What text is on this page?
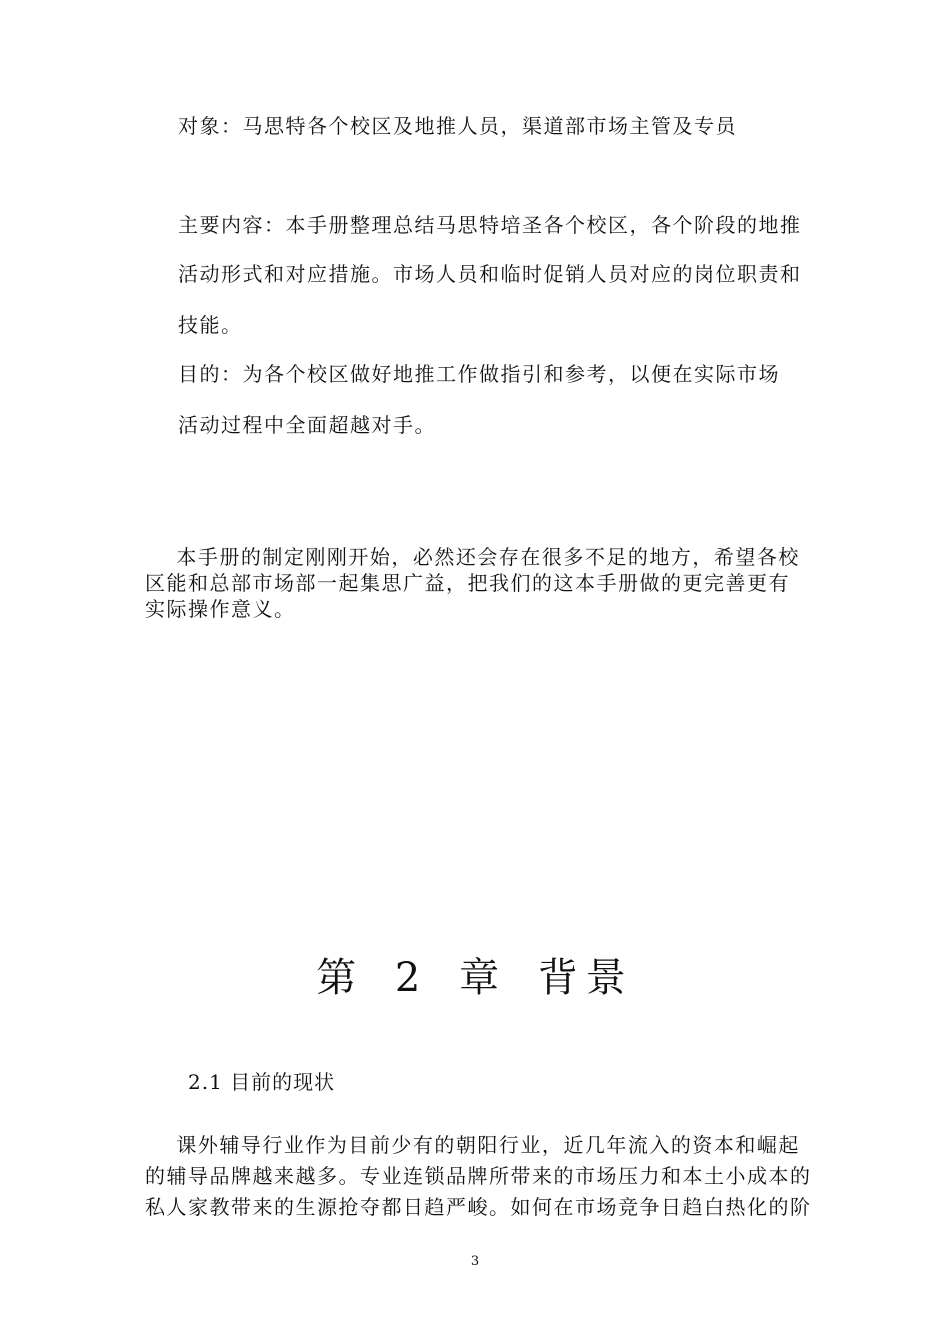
对象：马思特各个校区及地推人员，渠道部市场主管及专员
主要内容：本手册整理总结马思特培圣各个校区，各个阶段的地推
活动形式和对应措施。市场人员和临时促销人员对应的岗位职责和
技能。
目的：为各个校区做好地推工作做指引和参考，以便在实际市场
活动过程中全面超越对手。
本手册的制定刚刚开始，必然还会存在很多不足的地方，希望各校
区能和总部市场部一起集思广益，把我们的这本手册做的更完善更有
实际操作意义。
第 2 章 背景
2.1 目前的现状
课外辅导行业作为目前少有的朝阳行业，近几年流入的资本和崛起
的辅导品牌越来越多。专业连锁品牌所带来的市场压力和本土小成本的
私人家教带来的生源抢夺都日趋严峻。如何在市场竞争日趋白热化的阶
3
